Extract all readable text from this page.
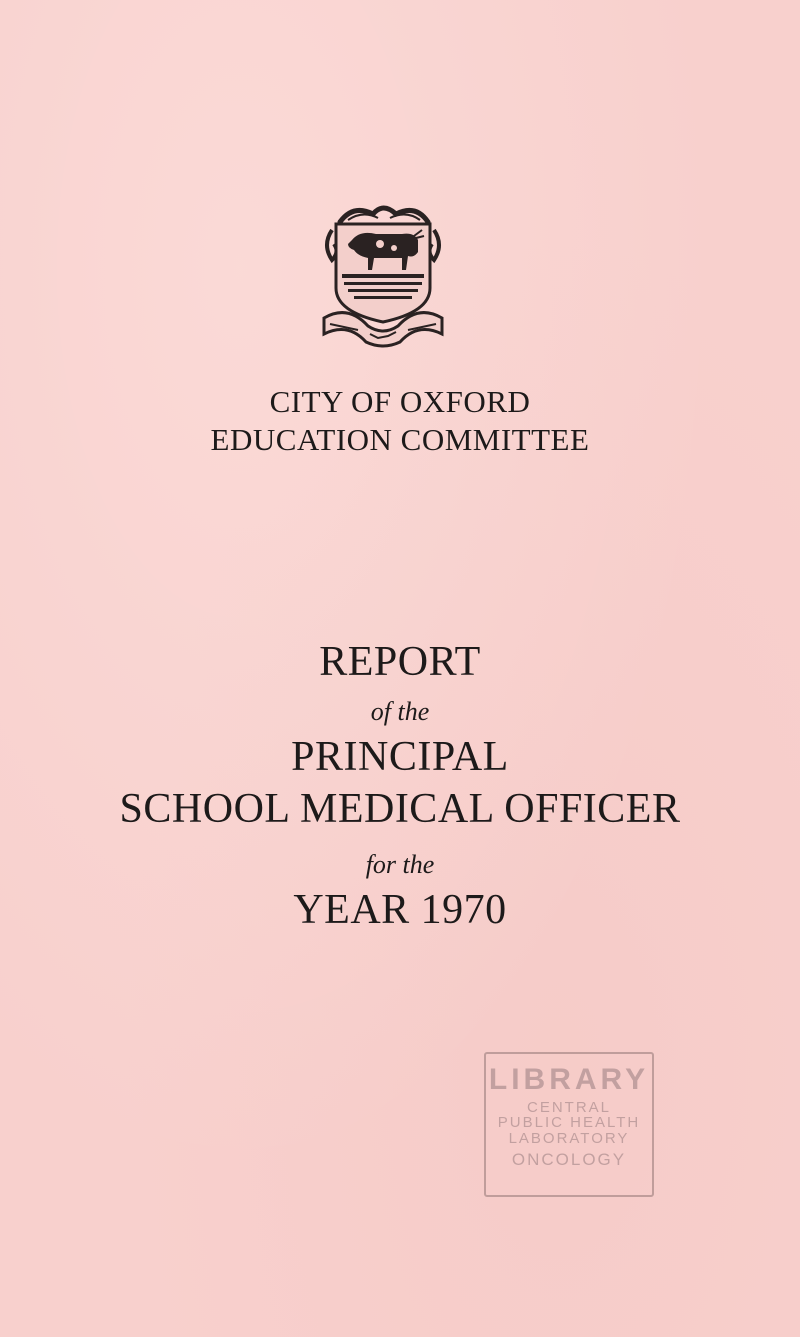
CITY OF OXFORD
EDUCATION COMMITTEE
REPORT
of the
PRINCIPAL
SCHOOL MEDICAL OFFICER
for the
YEAR 1970
LIBRARY
CENTRAL
PUBLIC HEALTH
LABORATORY
ONCOLOGY
